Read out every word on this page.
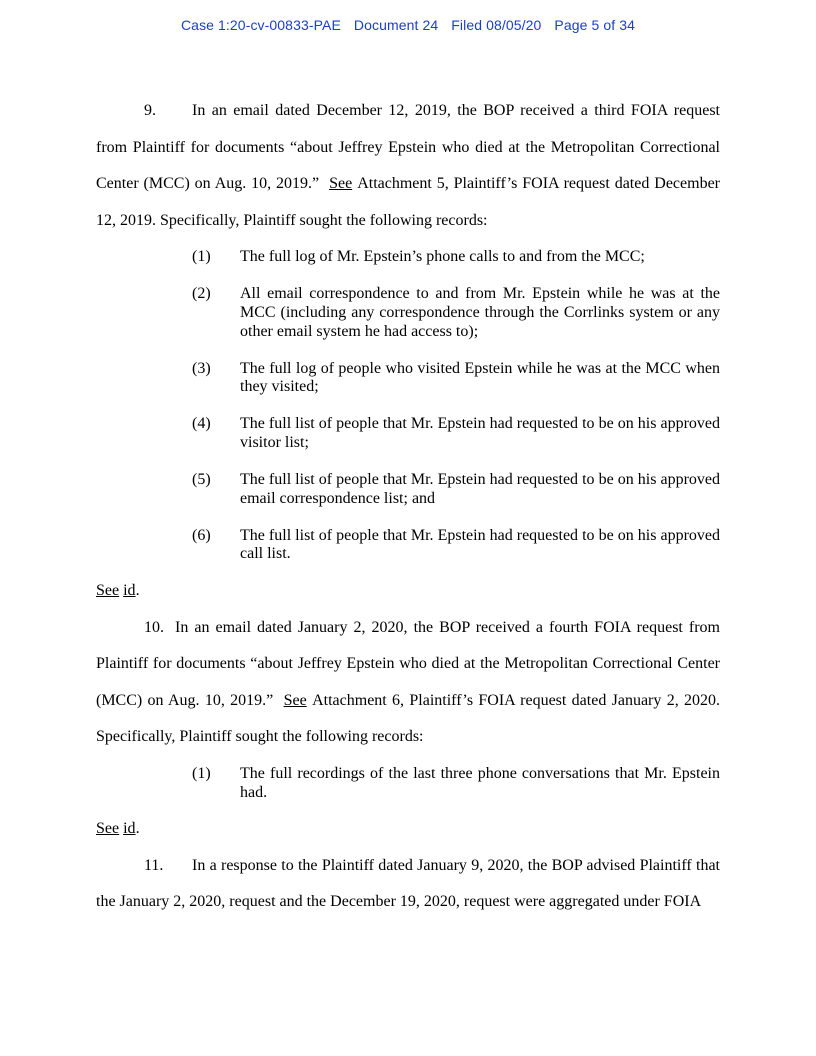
Case 1:20-cv-00833-PAE Document 24 Filed 08/05/20 Page 5 of 34

9. In an email dated December 12, 2019, the BOP received a third FOIA request from Plaintiff for documents “about Jeffrey Epstein who died at the Metropolitan Correctional Center (MCC) on Aug. 10, 2019.” See Attachment 5, Plaintiff’s FOIA request dated December 12, 2019. Specifically, Plaintiff sought the following records:

(1)	The full log of Mr. Epstein’s phone calls to and from the MCC;
(2)	All email correspondence to and from Mr. Epstein while he was at the MCC (including any correspondence through the Corrlinks system or any other email system he had access to);
(3)	The full log of people who visited Epstein while he was at the MCC when they visited;
(4)	The full list of people that Mr. Epstein had requested to be on his approved visitor list;
(5)	The full list of people that Mr. Epstein had requested to be on his approved email correspondence list; and
(6)	The full list of people that Mr. Epstein had requested to be on his approved call list.

See id.

10. In an email dated January 2, 2020, the BOP received a fourth FOIA request from Plaintiff for documents “about Jeffrey Epstein who died at the Metropolitan Correctional Center (MCC) on Aug. 10, 2019.” See Attachment 6, Plaintiff’s FOIA request dated January 2, 2020. Specifically, Plaintiff sought the following records:

(1)	The full recordings of the last three phone conversations that Mr. Epstein had.

See id.

11. In a response to the Plaintiff dated January 9, 2020, the BOP advised Plaintiff that the January 2, 2020, request and the December 19, 2020, request were aggregated under FOIA
